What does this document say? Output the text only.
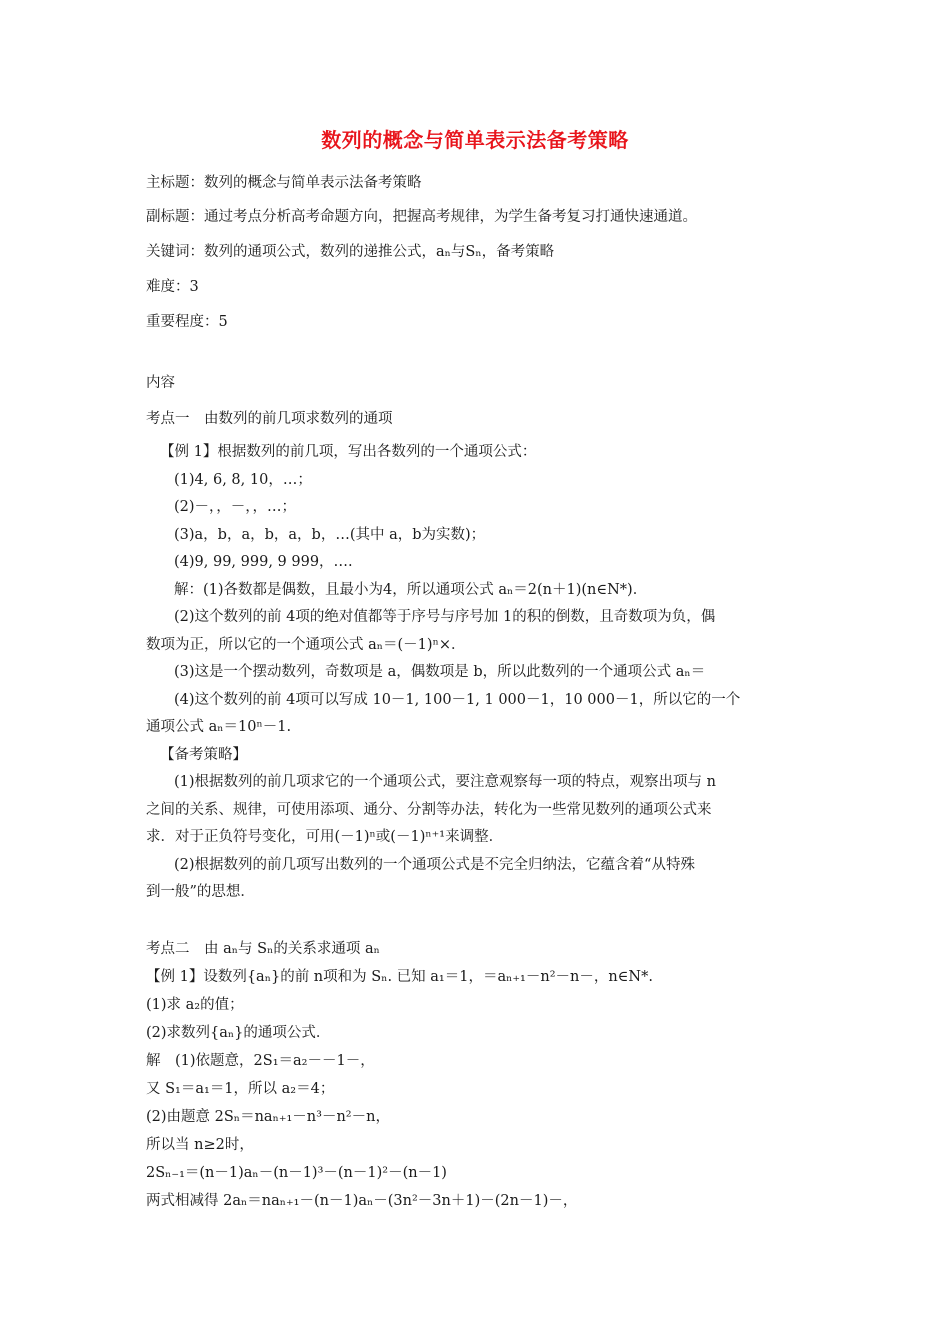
数列的概念与简单表示法备考策略
主标题：数列的概念与简单表示法备考策略
副标题：通过考点分析高考命题方向，把握高考规律，为学生备考复习打通快速通道。
关键词：数列的通项公式，数列的递推公式，aₙ与Sₙ，备考策略
难度：3
重要程度：5
内容
考点一　由数列的前几项求数列的通项
【例 1】根据数列的前几项，写出各数列的一个通项公式：
(1)4, 6, 8, 10，…；
(2)－，，－，，…；
(3)a，b，a，b，a，b，…(其中 a，b为实数)；
(4)9, 99, 999, 9 999，….
解：(1)各数都是偶数，且最小为4，所以通项公式 aₙ＝2(n＋1)(n∈N*)．
(2)这个数列的前 4项的绝对值都等于序号与序号加 1的积的倒数，且奇数项为负，偶
数项为正，所以它的一个通项公式 aₙ＝(－1)ⁿ×．
(3)这是一个摆动数列，奇数项是 a，偶数项是 b，所以此数列的一个通项公式 aₙ＝
(4)这个数列的前 4项可以写成 10－1, 100－1, 1 000－1，10 000－1，所以它的一个
通项公式 aₙ＝10ⁿ－1.
【备考策略】
(1)根据数列的前几项求它的一个通项公式，要注意观察每一项的特点，观察出项与 n
之间的关系、规律，可使用添项、通分、分割等办法，转化为一些常见数列的通项公式来
求．对于正负符号变化，可用(－1)ⁿ或(－1)ⁿ⁺¹来调整．
(2)根据数列的前几项写出数列的一个通项公式是不完全归纳法，它蕴含着“从特殊
到一般”的思想．
考点二　由 aₙ与 Sₙ的关系求通项 aₙ
【例 1】设数列{aₙ}的前 n项和为 Sₙ. 已知 a₁＝1，＝aₙ₊₁－n²－n－，n∈N*.
(1)求 a₂的值；
(2)求数列{aₙ}的通项公式．
解　(1)依题意，2S₁＝a₂－－1－，
又 S₁＝a₁＝1，所以 a₂＝4；
(2)由题意 2Sₙ＝naₙ₊₁－n³－n²－n，
所以当 n≥2时，
2Sₙ₋₁＝(n－1)aₙ－(n－1)³－(n－1)²－(n－1)
两式相减得 2aₙ＝naₙ₊₁－(n－1)aₙ－(3n²－3n＋1)－(2n－1)－，
